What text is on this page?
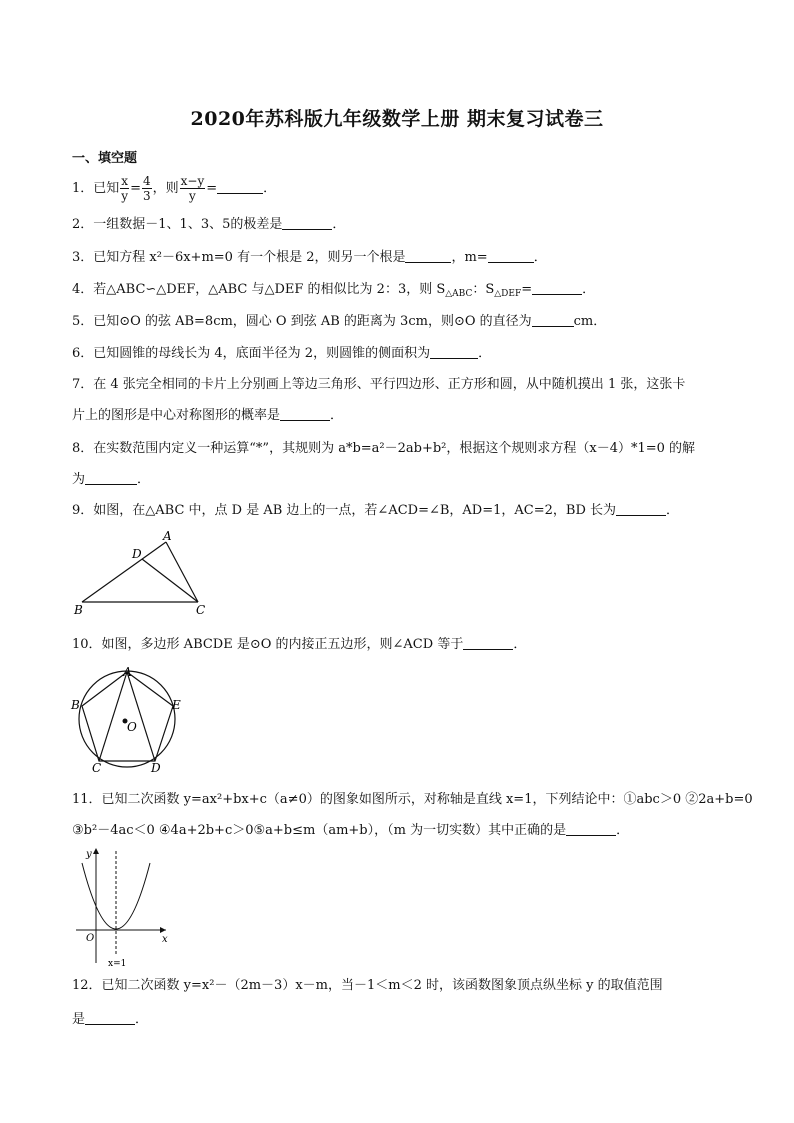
2020年苏科版九年级数学上册 期末复习试卷三
一、填空题
1．已知 $\frac{x}{y} = \frac{4}{3}$ ，则 $\frac{x-y}{y}$ =	．
2．一组数据－1、1、3、5的极差是	．
3．已知方程 x²－6x+m=0 有一个根是 2，则另一个根是	，m=	．
4．若△ABC∽△DEF，△ABC 与△DEF 的相似比为 2：3，则 $S_{\triangle ABC}$：$S_{\triangle DEF}=$	．
5．已知⊙O 的弦 AB=8cm，圆心 O 到弦 AB 的距离为 3cm，则⊙O 的直径为	cm．
6．已知圆锥的母线长为 4，底面半径为 2，则圆锥的侧面积为	．
7．在 4 张完全相同的卡片上分别画上等边三角形、平行四边形、正方形和圆，从中随机摸出 1 张，这张卡
片上的图形是中心对称图形的概率是	．
8．在实数范围内定义一种运算“*”，其规则为 a*b=a²－2ab+b²，根据这个规则求方程（x－4）*1=0 的解
为	．
9．如图，在△ABC 中，点 D 是 AB 边上的一点，若∠ACD=∠B，AD=1，AC=2，BD 长为	．
A
B	C
D
10．如图，多边形 ABCDE 是⊙O 的内接正五边形，则∠ACD 等于	．
A
B
C	D
E
O
11．已知二次函数 y=ax²+bx+c（a≠0）的图象如图所示，对称轴是直线 x=1，下列结论中：①abc＞0 ②2a+b=0
③b²－4ac＜0 ④4a+2b+c＞0⑤a+b≤m（am+b），（m 为一切实数）其中正确的是	．
y
x
O
x=1
12．已知二次函数 y=x²－（2m－3）x－m，当－1＜m＜2 时，该函数图象顶点纵坐标 y 的取值范围
是	．
